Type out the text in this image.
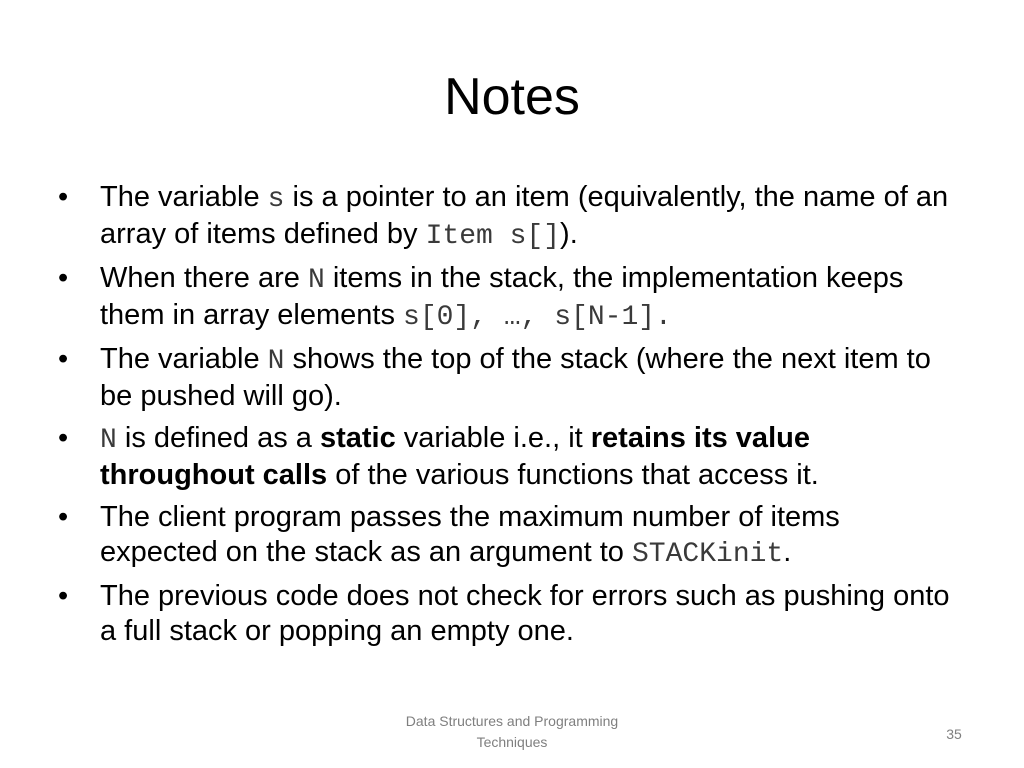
Notes
• The variable s is a pointer to an item (equivalently, the name of an array of items defined by Item s[]).
• When there are N items in the stack, the implementation keeps them in array elements s[0], …, s[N-1].
• The variable N shows the top of the stack (where the next item to be pushed will go).
• N is defined as a static variable i.e., it retains its value throughout calls of the various functions that access it.
• The client program passes the maximum number of items expected on the stack as an argument to STACKinit.
• The previous code does not check for errors such as pushing onto a full stack or popping an empty one.
Data Structures and Programming
Techniques	35
